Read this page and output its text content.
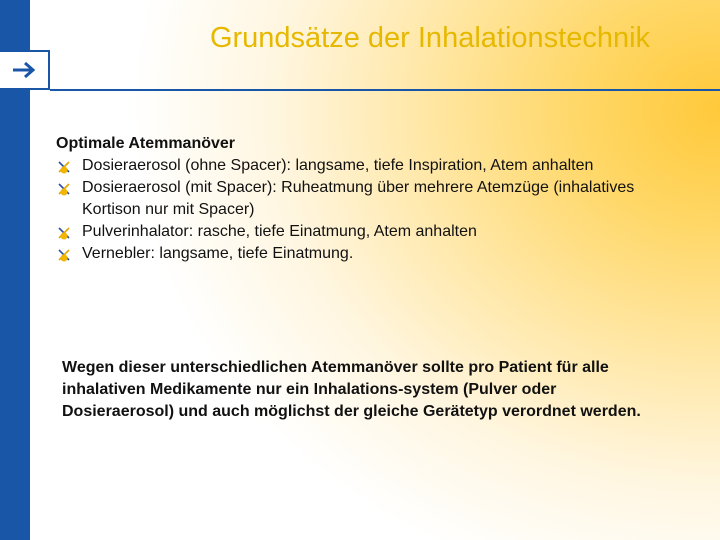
Grundsätze der Inhalationstechnik

Optimale Atemmanöver

Dosieraerosol (ohne Spacer): langsame, tiefe Inspiration, Atem anhalten
Dosieraerosol (mit Spacer): Ruheatmung über mehrere Atemzüge (inhalatives Kortison nur mit Spacer)
Pulverinhalator: rasche, tiefe Einatmung, Atem anhalten
Vernebler: langsame, tiefe Einatmung.
Wegen dieser unterschiedlichen Atemmanöver sollte pro Patient für alle inhalativen Medikamente nur ein Inhalations-system (Pulver oder Dosieraerosol) und auch möglichst der gleiche Gerätetyp verordnet werden.
